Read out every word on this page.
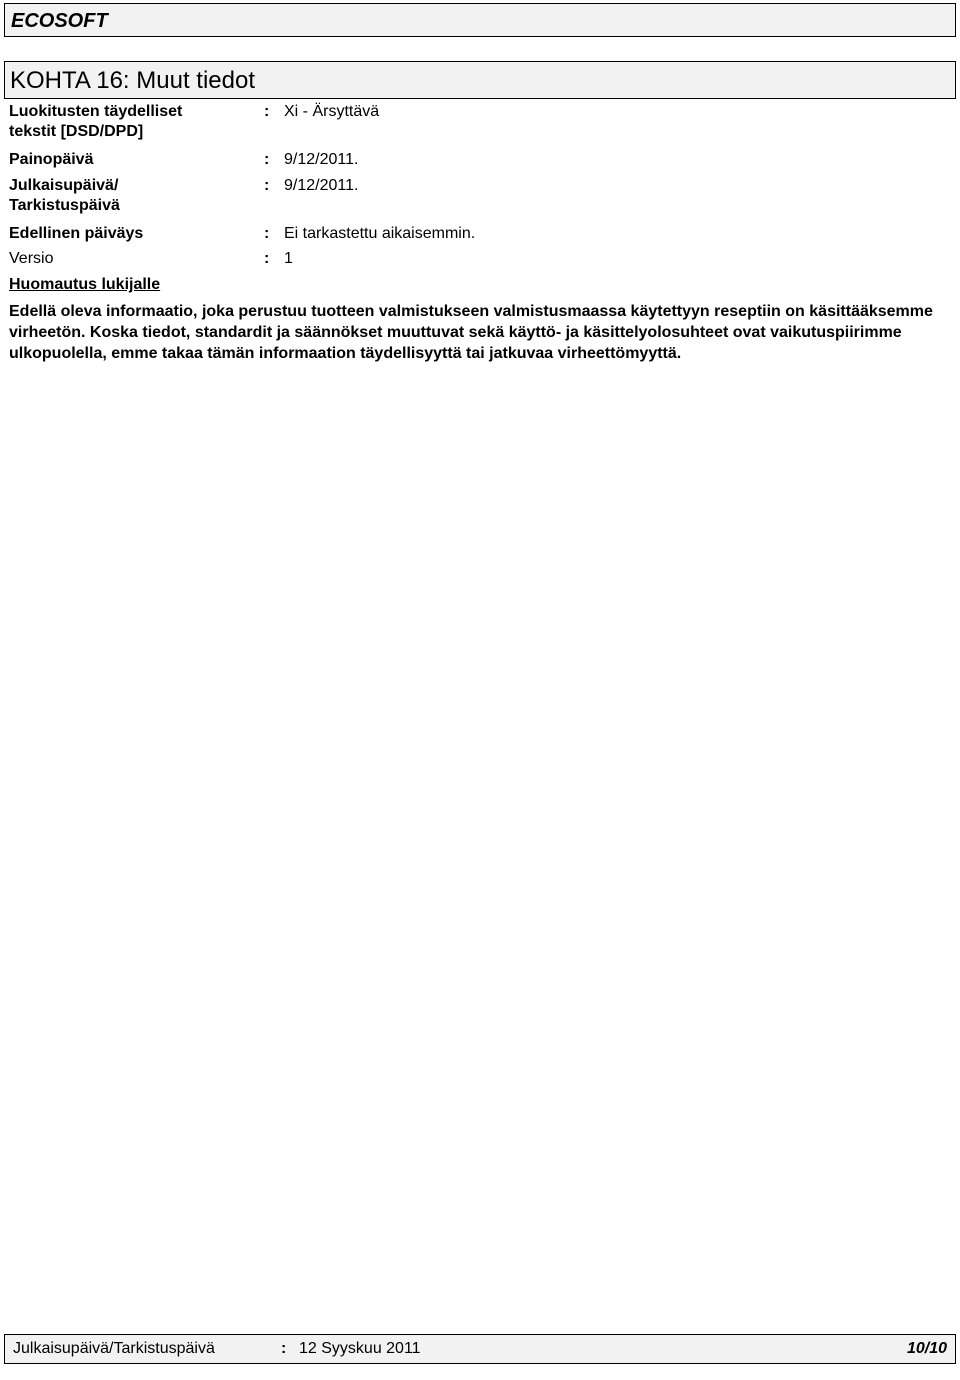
ECOSOFT
KOHTA 16: Muut tiedot
Luokitusten täydelliset
tekstit [DSD/DPD]
: Xi - Ärsyttävä
Painopäivä	: 9/12/2011.
Julkaisupäivä/
Tarkistuspäivä
: 9/12/2011.
Edellinen päiväys	: Ei tarkastettu aikaisemmin.
Versio	: 1
Huomautus lukijalle
Edellä oleva informaatio, joka perustuu tuotteen valmistukseen valmistusmaassa käytettyyn reseptiin on käsittääksemme virheetön. Koska tiedot, standardit ja säännökset muuttuvat sekä käyttö- ja käsittelyolosuhteet ovat vaikutuspiirimme ulkopuolella, emme takaa tämän informaation täydellisyyttä tai jatkuvaa virheettömyyttä.
Julkaisupäivä/Tarkistuspäivä	: 12 Syyskuu 2011	10/10
